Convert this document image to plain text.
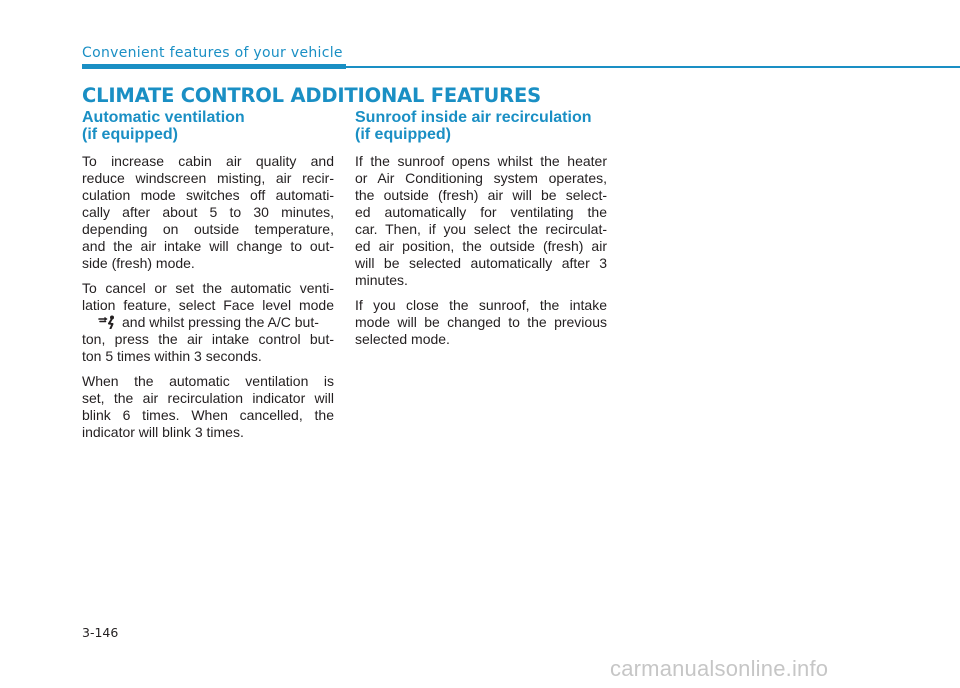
Convenient features of your vehicle
CLIMATE CONTROL ADDITIONAL FEATURES
Automatic ventilation
(if equipped)
To increase cabin air quality and
reduce windscreen misting, air recir-
culation mode switches off automati-
cally after about 5 to 30 minutes,
depending on outside temperature,
and the air intake will change to out-
side (fresh) mode.
To cancel or set the automatic venti-
lation feature, select Face level mode
and whilst pressing the A/C but-
ton, press the air intake control but-
ton 5 times within 3 seconds.
When the automatic ventilation is
set, the air recirculation indicator will
blink 6 times. When cancelled, the
indicator will blink 3 times.
Sunroof inside air recirculation
(if equipped)
If the sunroof opens whilst the heater
or Air Conditioning system operates,
the outside (fresh) air will be select-
ed automatically for ventilating the
car. Then, if you select the recirculat-
ed air position, the outside (fresh) air
will be selected automatically after 3
minutes.
If you close the sunroof, the intake
mode will be changed to the previous
selected mode.
3-146
carmanualsonline.info
